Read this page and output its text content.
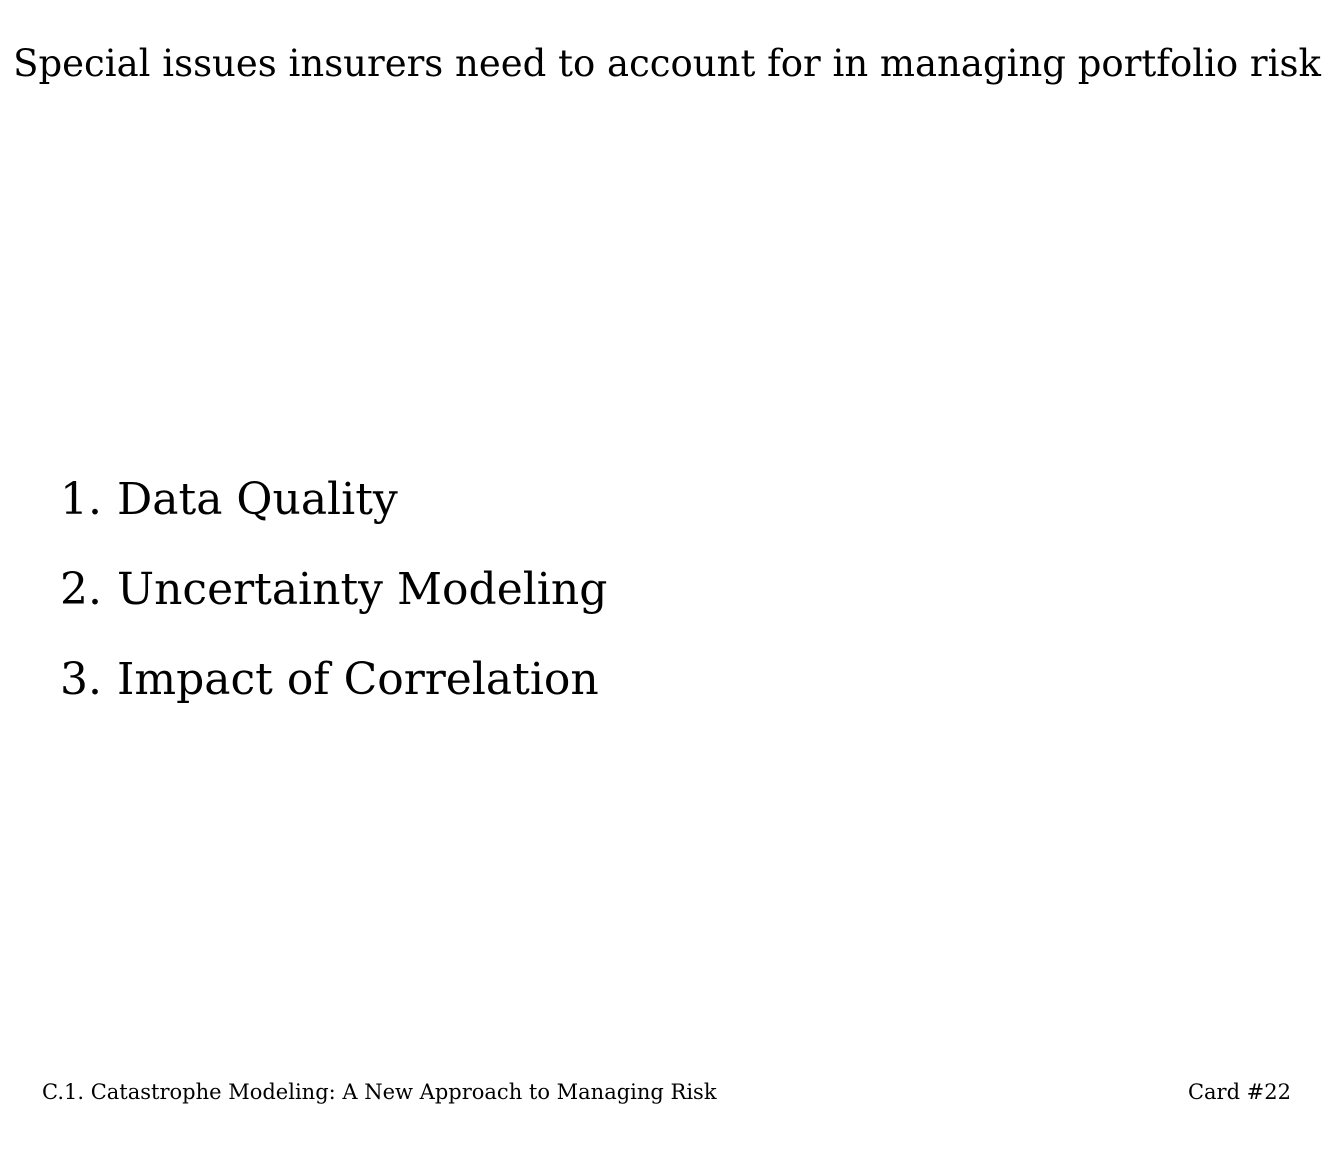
Special issues insurers need to account for in managing portfolio risk
1. Data Quality
2. Uncertainty Modeling
3. Impact of Correlation
C.1. Catastrophe Modeling: A New Approach to Managing Risk	Card #22
